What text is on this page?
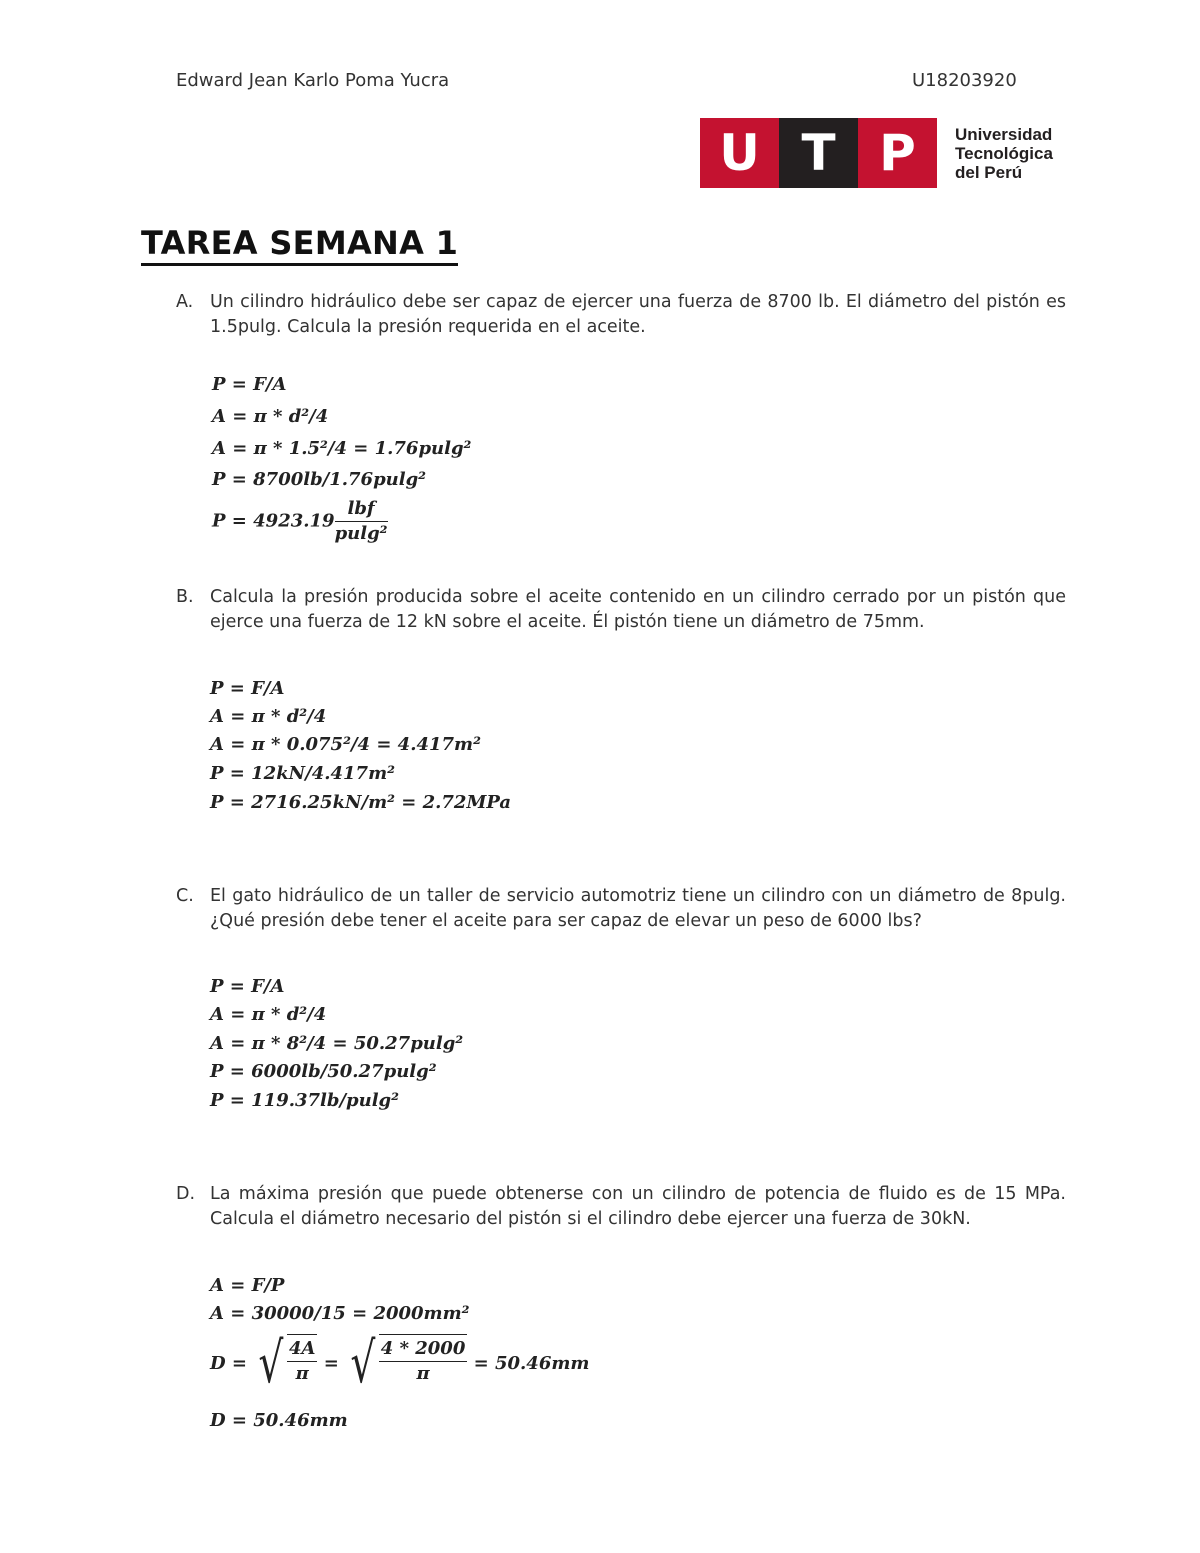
Edward Jean Karlo Poma Yucra	U18203920
U T P	Universidad
Tecnológica
del Perú
TAREA SEMANA 1
A. Un cilindro hidráulico debe ser capaz de ejercer una fuerza de 8700 lb. El diámetro del pistón es 1.5pulg. Calcula la presión requerida en el aceite.
P = F/A
A = π * d²/4
A = π * 1.5²/4 = 1.76pulg²
P = 8700lb/1.76pulg²
$P = 4923.19 \frac{\text{lbf}}{\text{pulg²}}$
B. Calcula la presión producida sobre el aceite contenido en un cilindro cerrado por un pistón que ejerce una fuerza de 12 kN sobre el aceite. Él pistón tiene un diámetro de 75mm.
P = F/A
A = π * d²/4
A = π * 0.075²/4 = 4.417m²
P = 12kN/4.417m²
P = 2716.25kN/m² = 2.72MPa
C. El gato hidráulico de un taller de servicio automotriz tiene un cilindro con un diámetro de 8pulg. ¿Qué presión debe tener el aceite para ser capaz de elevar un peso de 6000 lbs?
P = F/A
A = π * d²/4
A = π * 8²/4 = 50.27pulg²
P = 6000lb/50.27pulg²
P = 119.37lb/pulg²
D. La máxima presión que puede obtenerse con un cilindro de potencia de fluido es de 15 MPa. Calcula el diámetro necesario del pistón si el cilindro debe ejercer una fuerza de 30kN.
A = F/P
A = 30000/15 = 2000mm²
D = √ $\frac{4A}{\pi}$ = √ $\frac{4 * 2000}{\pi} = 50.46mm$
D = 50.46mm
